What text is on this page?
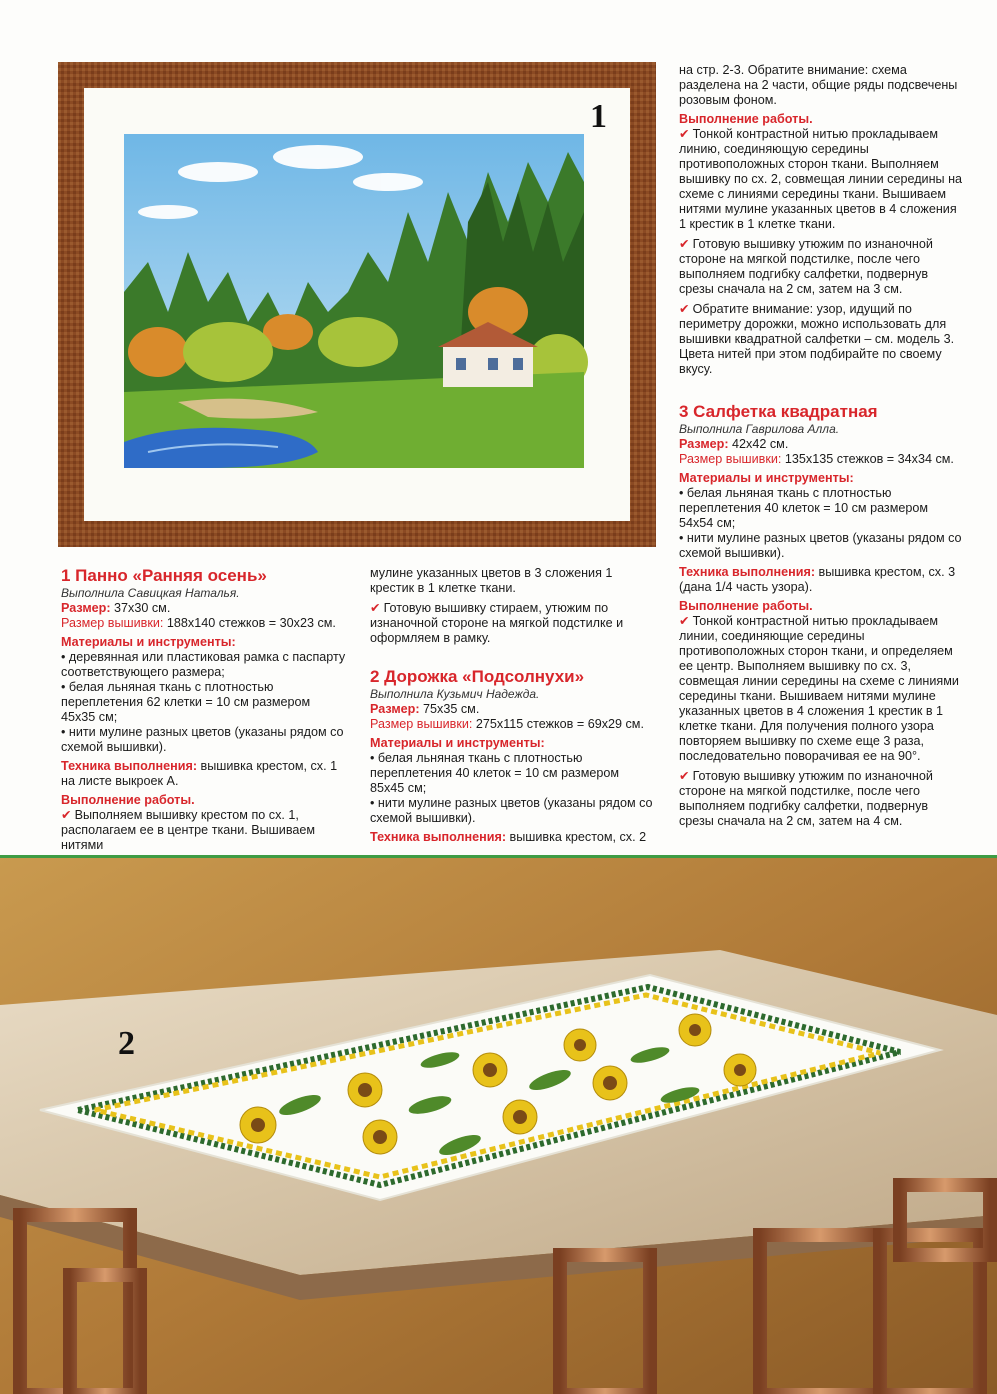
1

на стр. 2-3. Обратите внимание: схема разделена на 2 части, общие ряды подсвечены розовым фоном.

Выполнение работы.

✔ Тонкой контрастной нитью прокладываем линию, соединяющую середины противоположных сторон ткани. Выполняем вышивку по сх. 2, совмещая линии середины на схеме с линиями середины ткани. Вышиваем нитями мулине указанных цветов в 4 сложения 1 крестик в 1 клетке ткани.

✔ Готовую вышивку утюжим по изнаночной стороне на мягкой подстилке, после чего выполняем подгибку салфетки, подвернув срезы сначала на 2 см, затем на 3 см.

✔ Обратите внимание: узор, идущий по периметру дорожки, можно использовать для вышивки квадратной салфетки – см. модель 3. Цвета нитей при этом подбирайте по своему вкусу.

3 Салфетка квадратная

Выполнила Гаврилова Алла.

Размер: 42x42 см.

Размер вышивки: 135x135 стежков = 34x34 см.

Материалы и инструменты:

• белая льняная ткань с плотностью переплетения 40 клеток = 10 см размером 54x54 см;

• нити мулине разных цветов (указаны рядом со схемой вышивки).

Техника выполнения: вышивка крестом, сх. 3 (дана 1/4 часть узора).

Выполнение работы.

✔ Тонкой контрастной нитью прокладываем линии, соединяющие середины противоположных сторон ткани, и определяем ее центр. Выполняем вышивку по сх. 3, совмещая линии середины на схеме с линиями середины ткани. Вышиваем нитями мулине указанных цветов в 4 сложения 1 крестик в 1 клетке ткани. Для получения полного узора повторяем вышивку по схеме еще 3 раза, последовательно поворачивая ее на 90°.

✔ Готовую вышивку утюжим по изнаночной стороне на мягкой подстилке, после чего выполняем подгибку салфетки, подвернув срезы сначала на 2 см, затем на 4 см.

1 Панно «Ранняя осень»

Выполнила Савицкая Наталья.

Размер: 37x30 см.

Размер вышивки: 188x140 стежков = 30x23 см.

Материалы и инструменты:

• деревянная или пластиковая рамка с паспарту соответствующего размера;

• белая льняная ткань с плотностью переплетения 62 клетки = 10 см размером 45x35 см;

• нити мулине разных цветов (указаны рядом со схемой вышивки).

Техника выполнения: вышивка крестом, сх. 1 на листе выкроек А.

Выполнение работы.

✔ Выполняем вышивку крестом по сх. 1, располагаем ее в центре ткани. Вышиваем нитями

мулине указанных цветов в 3 сложения 1 крестик в 1 клетке ткани.

✔ Готовую вышивку стираем, утюжим по изнаночной стороне на мягкой подстилке и оформляем в рамку.

2 Дорожка «Подсолнухи»

Выполнила Кузьмич Надежда.

Размер: 75x35 см.

Размер вышивки: 275x115 стежков = 69x29 см.

Материалы и инструменты:

• белая льняная ткань с плотностью переплетения 40 клеток = 10 см размером 85x45 см;

• нити мулине разных цветов (указаны рядом со схемой вышивки).

Техника выполнения: вышивка крестом, сх. 2

2
